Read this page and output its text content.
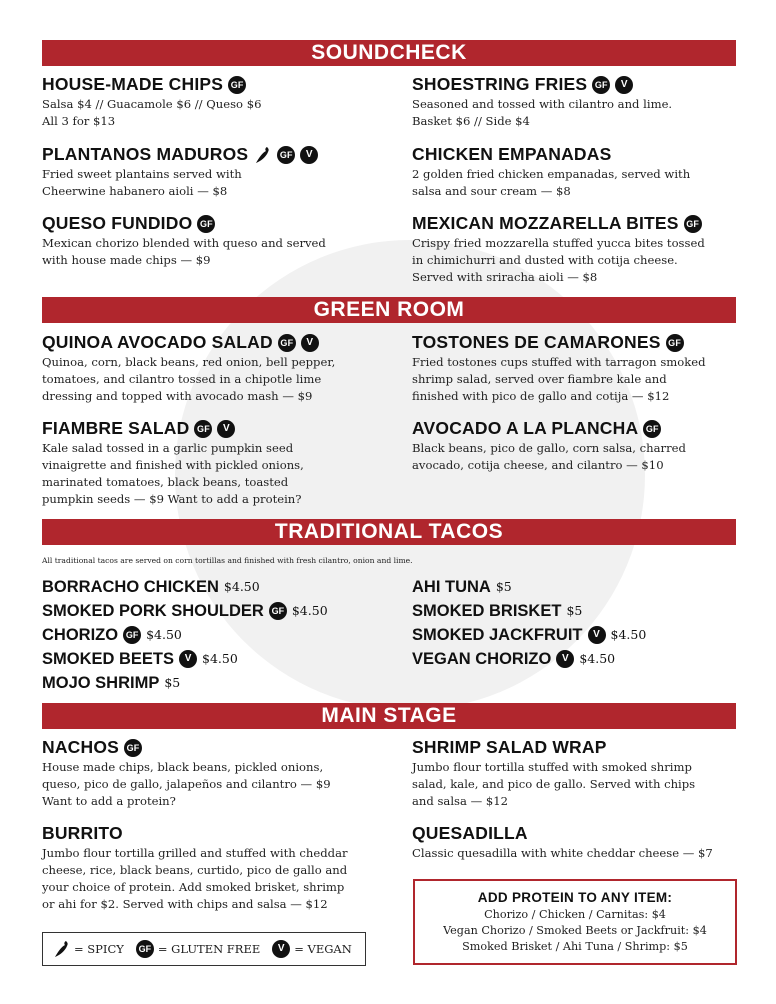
SOUNDCHECK
HOUSE-MADE CHIPS GF
Salsa $4 // Guacamole $6 // Queso $6
All 3 for $13
SHOESTRING FRIES GF	V
Seasoned and tossed with cilantro and lime.
Basket $6 // Side $4
PLANTANOS MADUROS	GF	V
Fried sweet plantains served with
Cheerwine habanero aioli — $8
CHICKEN EMPANADAS
2 golden fried chicken empanadas, served with
salsa and sour cream — $8
QUESO FUNDIDO GF
Mexican chorizo blended with queso and served
with house made chips — $9
MEXICAN MOZZARELLA BITES GF
Crispy fried mozzarella stuffed yucca bites tossed
in chimichurri and dusted with cotija cheese.
Served with sriracha aioli — $8
GREEN ROOM
QUINOA AVOCADO SALAD GF	V
Quinoa, corn, black beans, red onion, bell pepper,
tomatoes, and cilantro tossed in a chipotle lime
dressing and topped with avocado mash — $9
TOSTONES DE CAMARONES GF
Fried tostones cups stuffed with tarragon smoked
shrimp salad, served over fiambre kale and
finished with pico de gallo and cotija — $12
FIAMBRE SALAD GF	V
Kale salad tossed in a garlic pumpkin seed
vinaigrette and finished with pickled onions,
marinated tomatoes, black beans, toasted
pumpkin seeds — $9 Want to add a protein?
AVOCADO A LA PLANCHA GF
Black beans, pico de gallo, corn salsa, charred
avocado, cotija cheese, and cilantro — $10
TRADITIONAL TACOS
All traditional tacos are served on corn tortillas and finished with fresh cilantro, onion and lime.
BORRACHO CHICKEN $4.50
SMOKED PORK SHOULDER GF $4.50
CHORIZO GF $4.50
SMOKED BEETS	V $4.50
MOJO SHRIMP $5
AHI TUNA $5
SMOKED BRISKET $5
SMOKED JACKFRUIT	V $4.50
VEGAN CHORIZO	V $4.50
MAIN STAGE
NACHOS GF
House made chips, black beans, pickled onions,
queso, pico de gallo, jalapeños and cilantro — $9
Want to add a protein?
SHRIMP SALAD WRAP
Jumbo flour tortilla stuffed with smoked shrimp
salad, kale, and pico de gallo. Served with chips
and salsa — $12
BURRITO
Jumbo flour tortilla grilled and stuffed with cheddar
cheese, rice, black beans, curtido, pico de gallo and
your choice of protein. Add smoked brisket, shrimp
or ahi for $2. Served with chips and salsa — $12
QUESADILLA
Classic quesadilla with white cheddar cheese — $7
= SPICY	GF = GLUTEN FREE	V = VEGAN
ADD PROTEIN TO ANY ITEM:
Chorizo / Chicken / Carnitas: $4
Vegan Chorizo / Smoked Beets or Jackfruit: $4
Smoked Brisket / Ahi Tuna / Shrimp: $5
